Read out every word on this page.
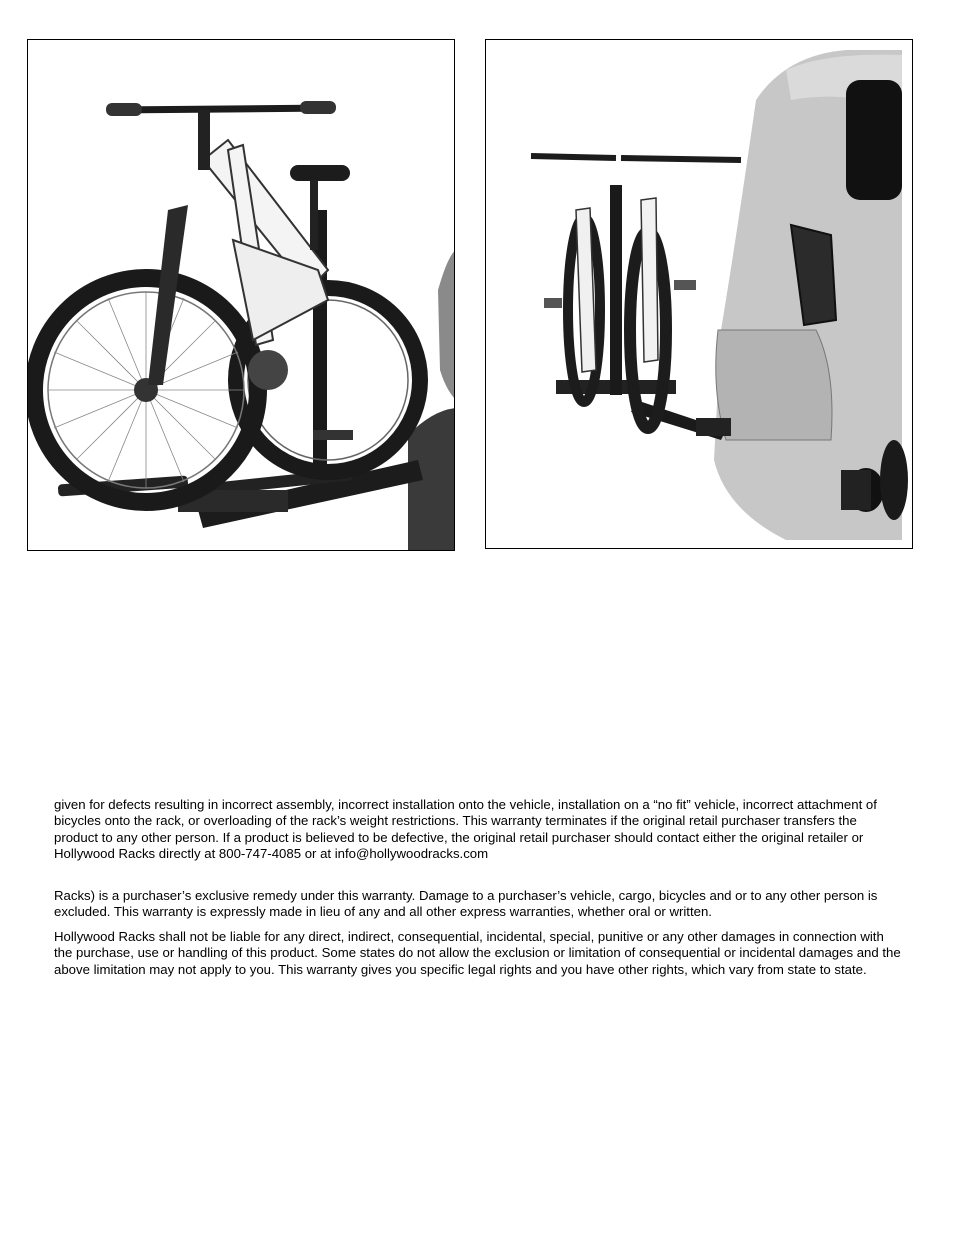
given for defects resulting in incorrect assembly, incorrect installation onto the vehicle, installation on a “no fit” vehicle, incorrect attachment of bicycles onto the rack, or overloading of the rack’s weight restrictions. This warranty terminates if the original retail purchaser transfers the product to any other person. If a product is believed to be defective, the original retail purchaser should contact either the original retailer or Hollywood Racks directly at 800-747-4085 or at info@hollywoodracks.com

Racks) is a purchaser’s exclusive remedy under this warranty. Damage to a purchaser’s vehicle, cargo, bicycles and or to any other person is excluded. This warranty is expressly made in lieu of any and all other express warranties, whether oral or written.

Hollywood Racks shall not be liable for any direct, indirect, consequential, incidental, special, punitive or any other damages in connection with the purchase, use or handling of this product. Some states do not allow the exclusion or limitation of consequential or incidental damages and the above limitation may not apply to you. This warranty gives you specific legal rights and you have other rights, which vary from state to state.
